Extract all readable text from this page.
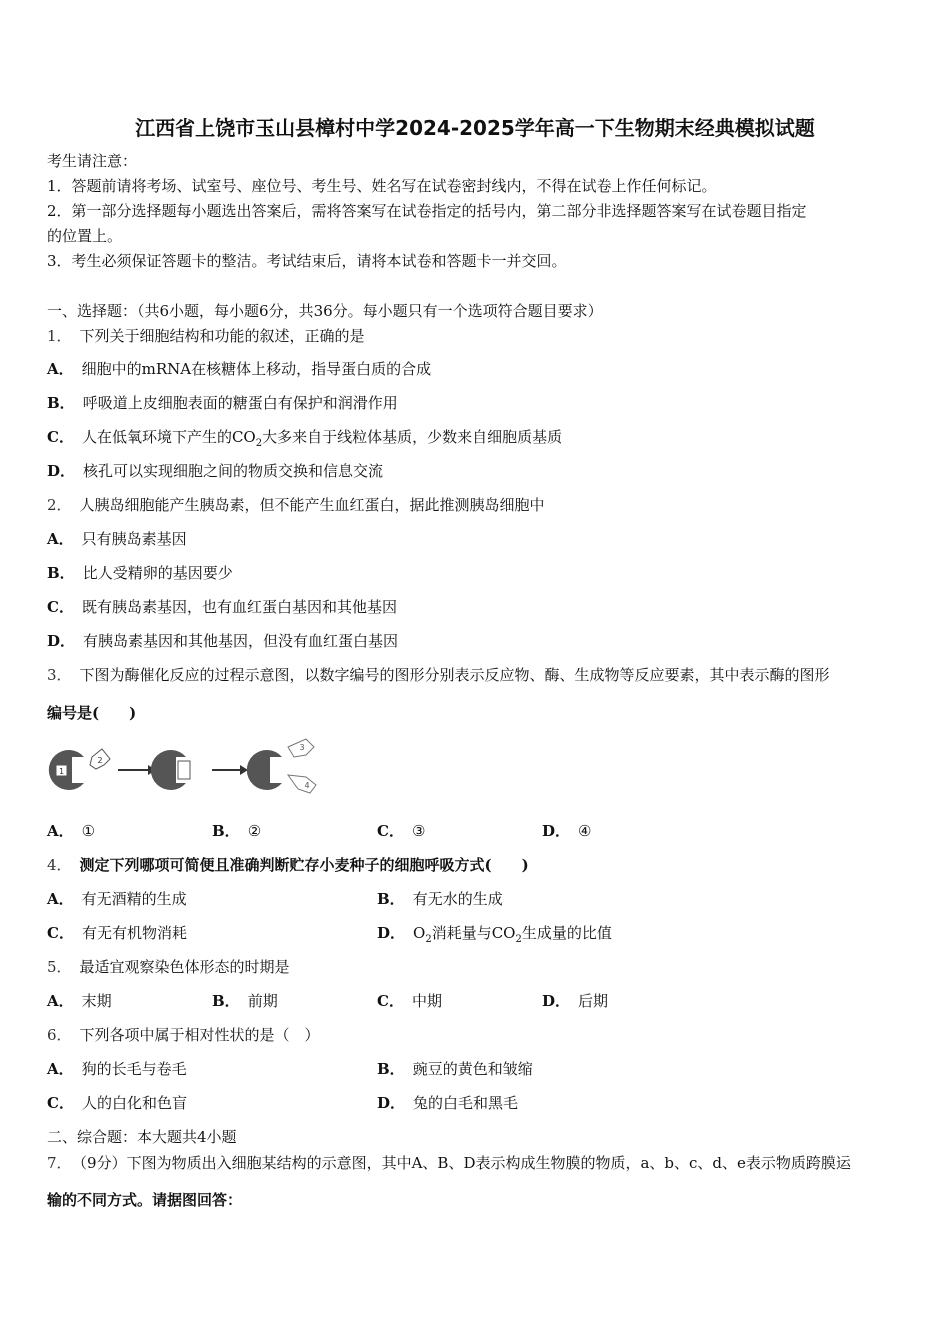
江西省上饶市玉山县樟村中学2024-2025学年高一下生物期末经典模拟试题
考生请注意：
1．答题前请将考场、试室号、座位号、考生号、姓名写在试卷密封线内，不得在试卷上作任何标记。
2．第一部分选择题每小题选出答案后，需将答案写在试卷指定的括号内，第二部分非选择题答案写在试卷题目指定
的位置上。
3．考生必须保证答题卡的整洁。考试结束后，请将本试卷和答题卡一并交回。
一、选择题：（共6小题，每小题6分，共36分。每小题只有一个选项符合题目要求）
1． 下列关于细胞结构和功能的叙述，正确的是
A． 细胞中的mRNA在核糖体上移动，指导蛋白质的合成
B． 呼吸道上皮细胞表面的糖蛋白有保护和润滑作用
C． 人在低氧环境下产生的$CO_2$大多来自于线粒体基质，少数来自细胞质基质
D． 核孔可以实现细胞之间的物质交换和信息交流
2． 人胰岛细胞能产生胰岛素，但不能产生血红蛋白，据此推测胰岛细胞中
A． 只有胰岛素基因
B． 比人受精卵的基因要少
C． 既有胰岛素基因，也有血红蛋白基因和其他基因
D． 有胰岛素基因和其他基因，但没有血红蛋白基因
3． 下图为酶催化反应的过程示意图，以数字编号的图形分别表示反应物、酶、生成物等反应要素，其中表示酶的图形
编号是(　　)
1
2
3
4
A． ①	B． ②	C． ③	D． ④
4． 测定下列哪项可简便且准确判断贮存小麦种子的细胞呼吸方式(　　)
A． 有无酒精的生成	B． 有无水的生成
C． 有无有机物消耗	D． $O_2$消耗量与$CO_2$生成量的比值
5． 最适宜观察染色体形态的时期是
A． 末期	B． 前期	C． 中期	D． 后期
6． 下列各项中属于相对性状的是（　）
A． 狗的长毛与卷毛	B． 豌豆的黄色和皱缩
C． 人的白化和色盲	D． 兔的白毛和黑毛
二、综合题：本大题共4小题
7． （9分）下图为物质出入细胞某结构的示意图，其中A、B、D表示构成生物膜的物质，a、b、c、d、e表示物质跨膜运
输的不同方式。请据图回答：
